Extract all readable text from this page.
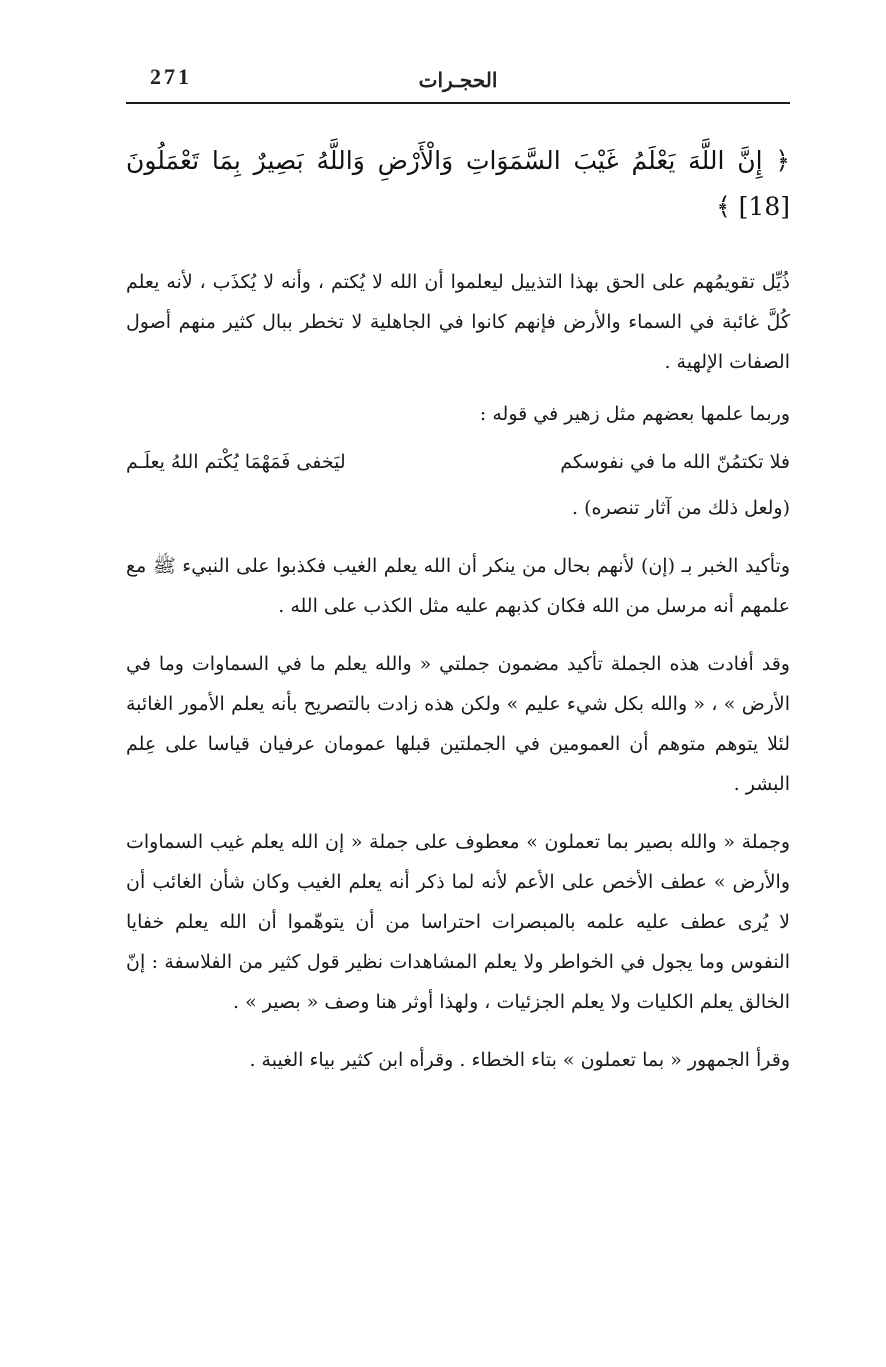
271	الحجـرات

﴿ إِنَّ اللَّهَ يَعْلَمُ غَيْبَ السَّمَوَاتِ وَالْأَرْضِ وَاللَّهُ بَصِيرٌ بِمَا تَعْمَلُونَ [18] ﴾

ذُيِّل تقويمُهم على الحق بهذا التذييل ليعلموا أن الله لا يُكتم ، وأنه لا يُكذَب ، لأنه يعلم كُلَّ غائبة في السماء والأرض فإنهم كانوا في الجاهلية لا تخطر ببال كثير منهم أصول الصفات الإلهية .

وربما علمها بعضهم مثل زهير في قوله :

فلا تكتمُنّ الله ما في نفوسكم
ليَخفى فَمَهْمَا يُكْتم اللهُ يعلَـم

(ولعل ذلك من آثار تنصره) .

وتأكيد الخبر بـ (إن) لأنهم بحال من ينكر أن الله يعلم الغيب فكذبوا على النبيء ﷺ مع علمهم أنه مرسل من الله فكان كذبهم عليه مثل الكذب على الله .

وقد أفادت هذه الجملة تأكيد مضمون جملتي « والله يعلم ما في السماوات وما في الأرض » ، « والله بكل شيء عليم » ولكن هذه زادت بالتصريح بأنه يعلم الأمور الغائبة لئلا يتوهم متوهم أن العمومين في الجملتين قبلها عمومان عرفيان قياسا على عِلم البشر .

وجملة « والله بصير بما تعملون » معطوف على جملة « إن الله يعلم غيب السماوات والأرض » عطف الأخص على الأعم لأنه لما ذكر أنه يعلم الغيب وكان شأن الغائب أن لا يُرى عطف عليه علمه بالمبصرات احتراسا من أن يتوهّموا أن الله يعلم خفايا النفوس وما يجول في الخواطر ولا يعلم المشاهدات نظير قول كثير من الفلاسفة : إنّ الخالق يعلم الكليات ولا يعلم الجزئيات ، ولهذا أوثر هنا وصف « بصير » .

وقرأ الجمهور « بما تعملون » بتاء الخطاء . وقرأه ابن كثير بياء الغيبة .
